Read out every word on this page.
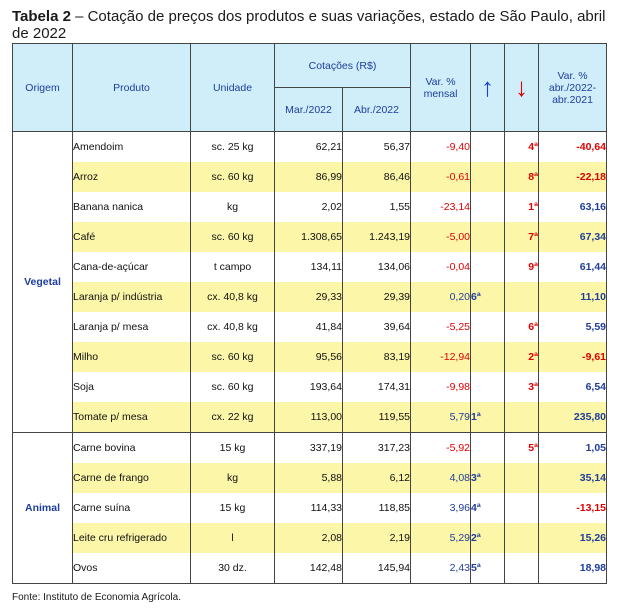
Tabela 2 – Cotação de preços dos produtos e suas variações, estado de São Paulo, abril de 2022
Origem	Produto	Unidade	Cotações (R$)		Var. % mensal	↑	↓	Var. % abr./2022-abr.2021
			Mar./2022	Abr./2022				
Vegetal	Amendoim	sc. 25 kg	62,21	56,37	-9,40		4ª	-40,64
	Arroz	sc. 60 kg	86,99	86,46	-0,61		8ª	-22,18
	Banana nanica	kg	2,02	1,55	-23,14		1ª	63,16
	Café	sc. 60 kg	1.308,65	1.243,19	-5,00		7ª	67,34
	Cana-de-açúcar	t campo	134,11	134,06	-0,04		9ª	61,44
	Laranja p/ indústria	cx. 40,8 kg	29,33	29,39	0,20	6ª		11,10
	Laranja p/ mesa	cx. 40,8 kg	41,84	39,64	-5,25		6ª	5,59
	Milho	sc. 60 kg	95,56	83,19	-12,94		2ª	-9,61
	Soja	sc. 60 kg	193,64	174,31	-9,98		3ª	6,54
	Tomate p/ mesa	cx. 22 kg	113,00	119,55	5,79	1ª		235,80
Animal	Carne bovina	15 kg	337,19	317,23	-5,92		5ª	1,05
	Carne de frango	kg	5,88	6,12	4,08	3ª		35,14
	Carne suína	15 kg	114,33	118,85	3,96	4ª		-13,15
	Leite cru refrigerado	l	2,08	2,19	5,29	2ª		15,26
	Ovos	30 dz.	142,48	145,94	2,43	5ª		18,98
Fonte: Instituto de Economia Agrícola.
